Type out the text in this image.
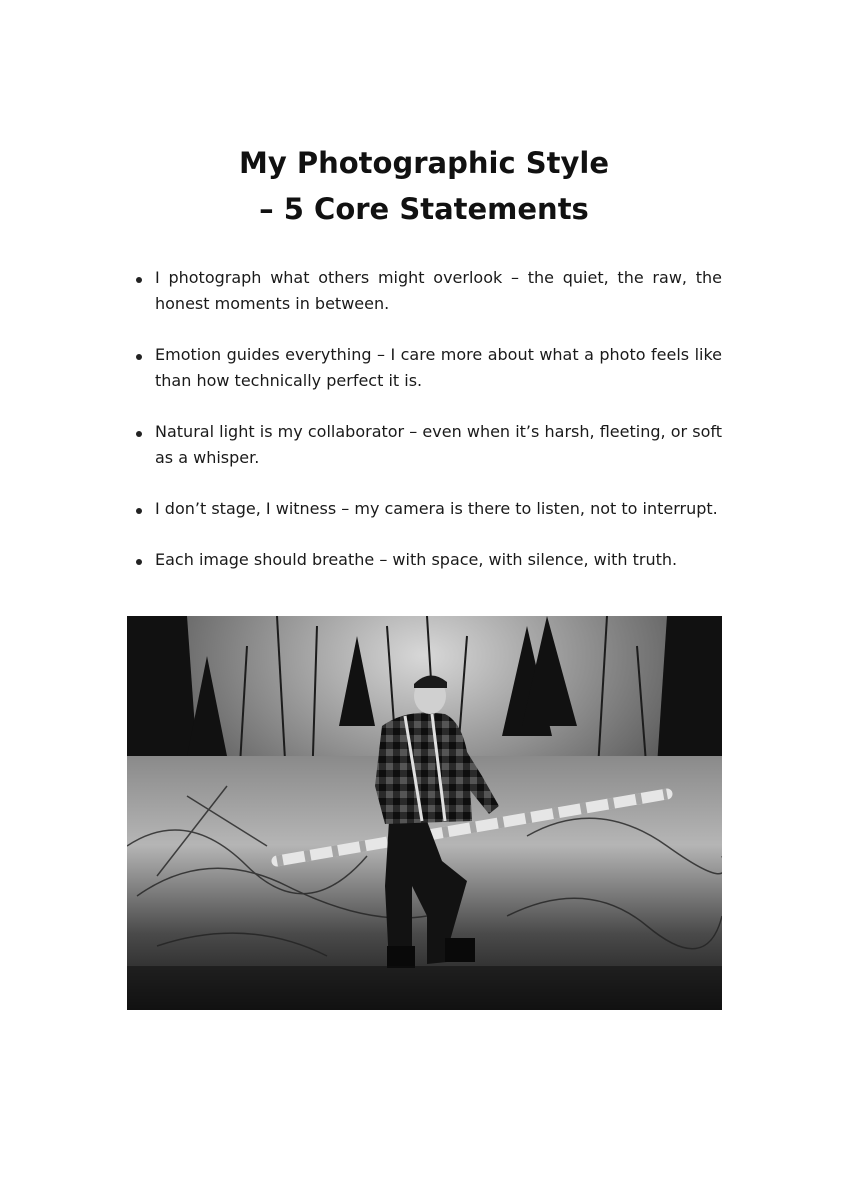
My Photographic Style
– 5 Core Statements
I photograph what others might overlook – the quiet, the raw, the honest moments in between.
Emotion guides everything – I care more about what a photo feels like than how technically perfect it is.
Natural light is my collaborator – even when it’s harsh, fleeting, or soft as a whisper.
I don’t stage, I witness – my camera is there to listen, not to interrupt.
Each image should breathe – with space, with silence, with truth.
